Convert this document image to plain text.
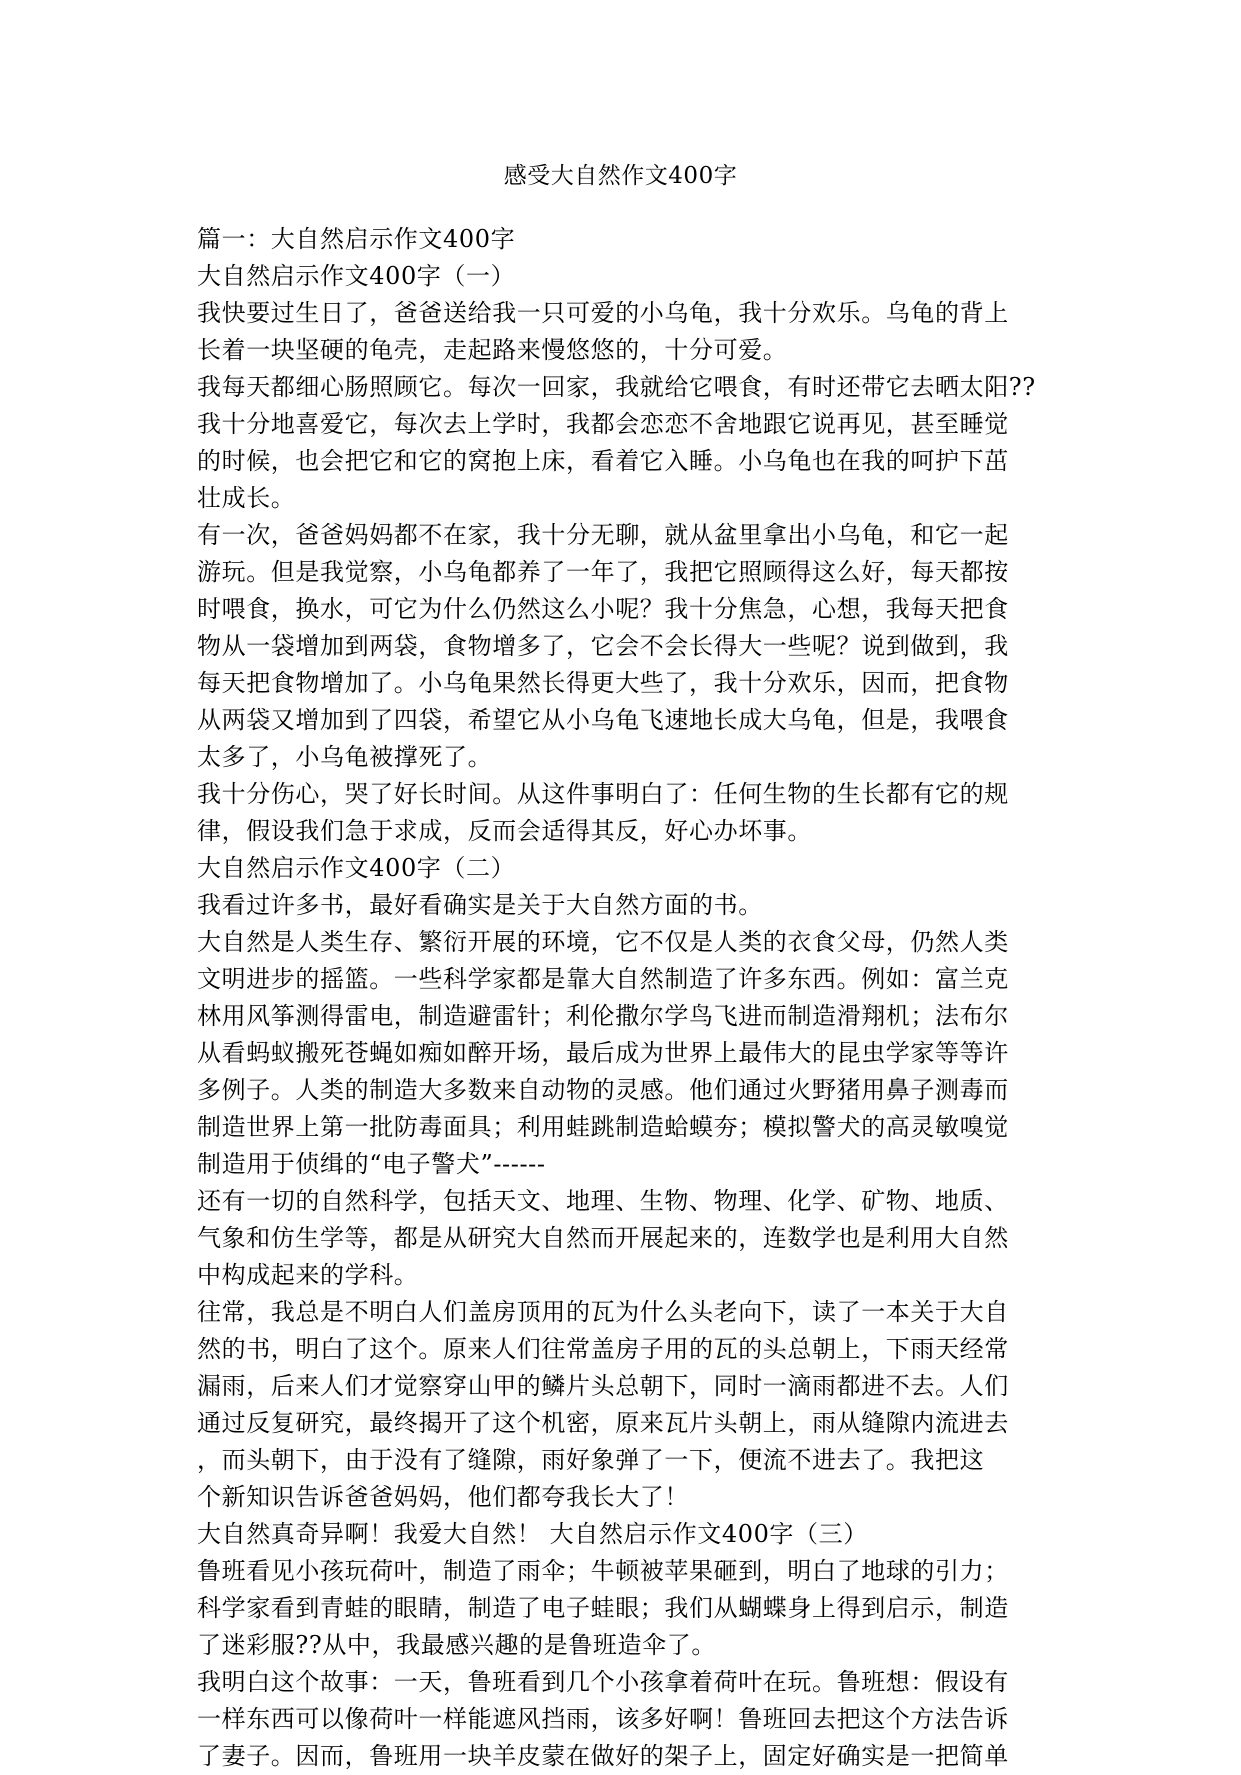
感受大自然作文400字
篇一：大自然启示作文400字
大自然启示作文400字（一）
我快要过生日了，爸爸送给我一只可爱的小乌龟，我十分欢乐。乌龟的背上
长着一块坚硬的龟壳，走起路来慢悠悠的，十分可爱。
我每天都细心肠照顾它。每次一回家，我就给它喂食，有时还带它去晒太阳??
我十分地喜爱它，每次去上学时，我都会恋恋不舍地跟它说再见，甚至睡觉
的时候，也会把它和它的窝抱上床，看着它入睡。小乌龟也在我的呵护下茁
壮成长。
有一次，爸爸妈妈都不在家，我十分无聊，就从盆里拿出小乌龟，和它一起
游玩。但是我觉察，小乌龟都养了一年了，我把它照顾得这么好，每天都按
时喂食，换水，可它为什么仍然这么小呢？我十分焦急，心想，我每天把食
物从一袋增加到两袋，食物增多了，它会不会长得大一些呢？说到做到，我
每天把食物增加了。小乌龟果然长得更大些了，我十分欢乐，因而，把食物
从两袋又增加到了四袋，希望它从小乌龟飞速地长成大乌龟，但是，我喂食
太多了，小乌龟被撑死了。
我十分伤心，哭了好长时间。从这件事明白了：任何生物的生长都有它的规
律，假设我们急于求成，反而会适得其反，好心办坏事。
大自然启示作文400字（二）
我看过许多书，最好看确实是关于大自然方面的书。
大自然是人类生存、繁衍开展的环境，它不仅是人类的衣食父母，仍然人类
文明进步的摇篮。一些科学家都是靠大自然制造了许多东西。例如：富兰克
林用风筝测得雷电，制造避雷针；利伦撒尔学鸟飞进而制造滑翔机；法布尔
从看蚂蚁搬死苍蝇如痴如醉开场，最后成为世界上最伟大的昆虫学家等等许
多例子。人类的制造大多数来自动物的灵感。他们通过火野猪用鼻子测毒而
制造世界上第一批防毒面具；利用蛙跳制造蛤蟆夯；模拟警犬的高灵敏嗅觉
制造用于侦缉的“电子警犬”------
还有一切的自然科学，包括天文、地理、生物、物理、化学、矿物、地质、
气象和仿生学等，都是从研究大自然而开展起来的，连数学也是利用大自然
中构成起来的学科。
往常，我总是不明白人们盖房顶用的瓦为什么头老向下，读了一本关于大自
然的书，明白了这个。原来人们往常盖房子用的瓦的头总朝上，下雨天经常
漏雨，后来人们才觉察穿山甲的鳞片头总朝下，同时一滴雨都进不去。人们
通过反复研究，最终揭开了这个机密，原来瓦片头朝上，雨从缝隙内流进去
，而头朝下，由于没有了缝隙，雨好象弹了一下，便流不进去了。我把这
个新知识告诉爸爸妈妈，他们都夸我长大了！
大自然真奇异啊！我爱大自然！ 大自然启示作文400字（三）
鲁班看见小孩玩荷叶，制造了雨伞；牛顿被苹果砸到，明白了地球的引力；
科学家看到青蛙的眼睛，制造了电子蛙眼；我们从蝴蝶身上得到启示，制造
了迷彩服??从中，我最感兴趣的是鲁班造伞了。
我明白这个故事：一天，鲁班看到几个小孩拿着荷叶在玩。鲁班想：假设有
一样东西可以像荷叶一样能遮风挡雨，该多好啊！鲁班回去把这个方法告诉
了妻子。因而，鲁班用一块羊皮蒙在做好的架子上，固定好确实是一把简单
